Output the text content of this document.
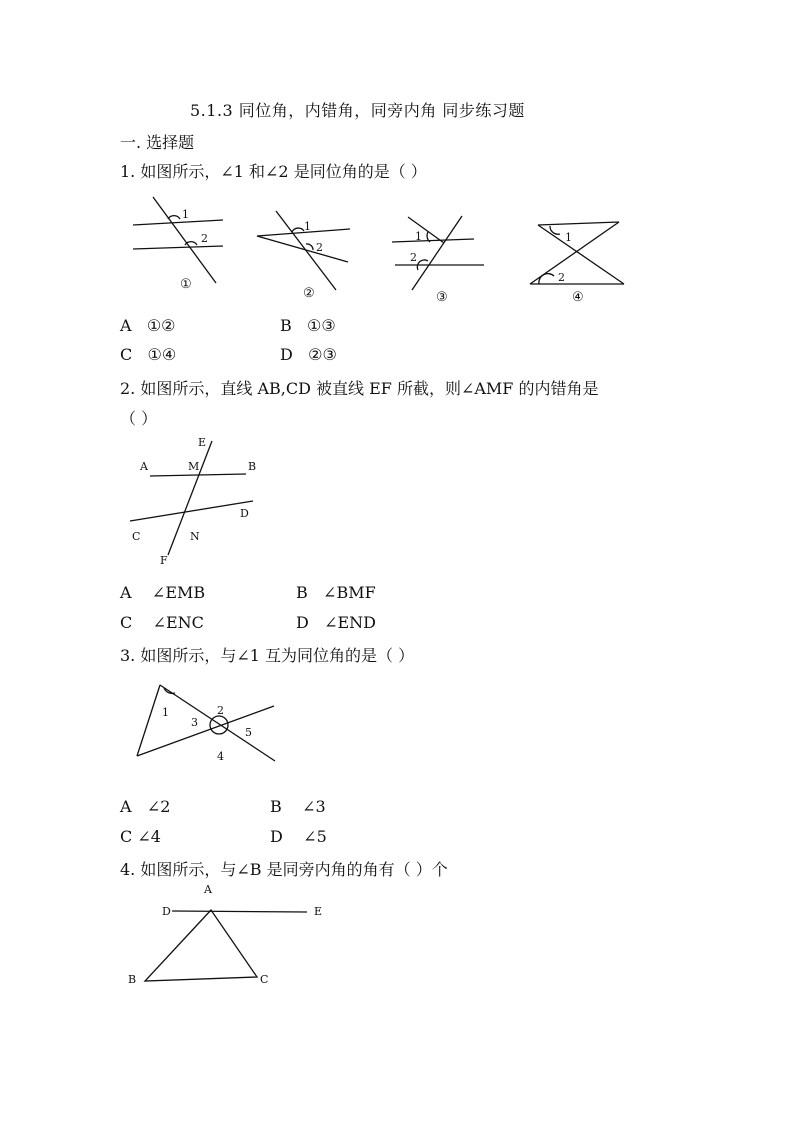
5.1.3 同位角，内错角，同旁内角 同步练习题
一. 选择题
1. 如图所示，∠1 和∠2 是同位角的是（ ）
1
2
①
1
2
②
1
2
③
1
2
④
A ①②	B ①③
C ①④	D ②③
2. 如图所示，直线 AB,CD 被直线 EF 所截，则∠AMF 的内错角是
（ ）
A	M	B
E
D
C	N
F
A ∠EMB	B ∠BMF
C ∠ENC	D ∠END
3. 如图所示，与∠1 互为同位角的是（ ）
1	2
3
4
5
A ∠2	B ∠3
C ∠4	D ∠5
4. 如图所示，与∠B 是同旁内角的角有（ ）个
A
D	E
B	C
